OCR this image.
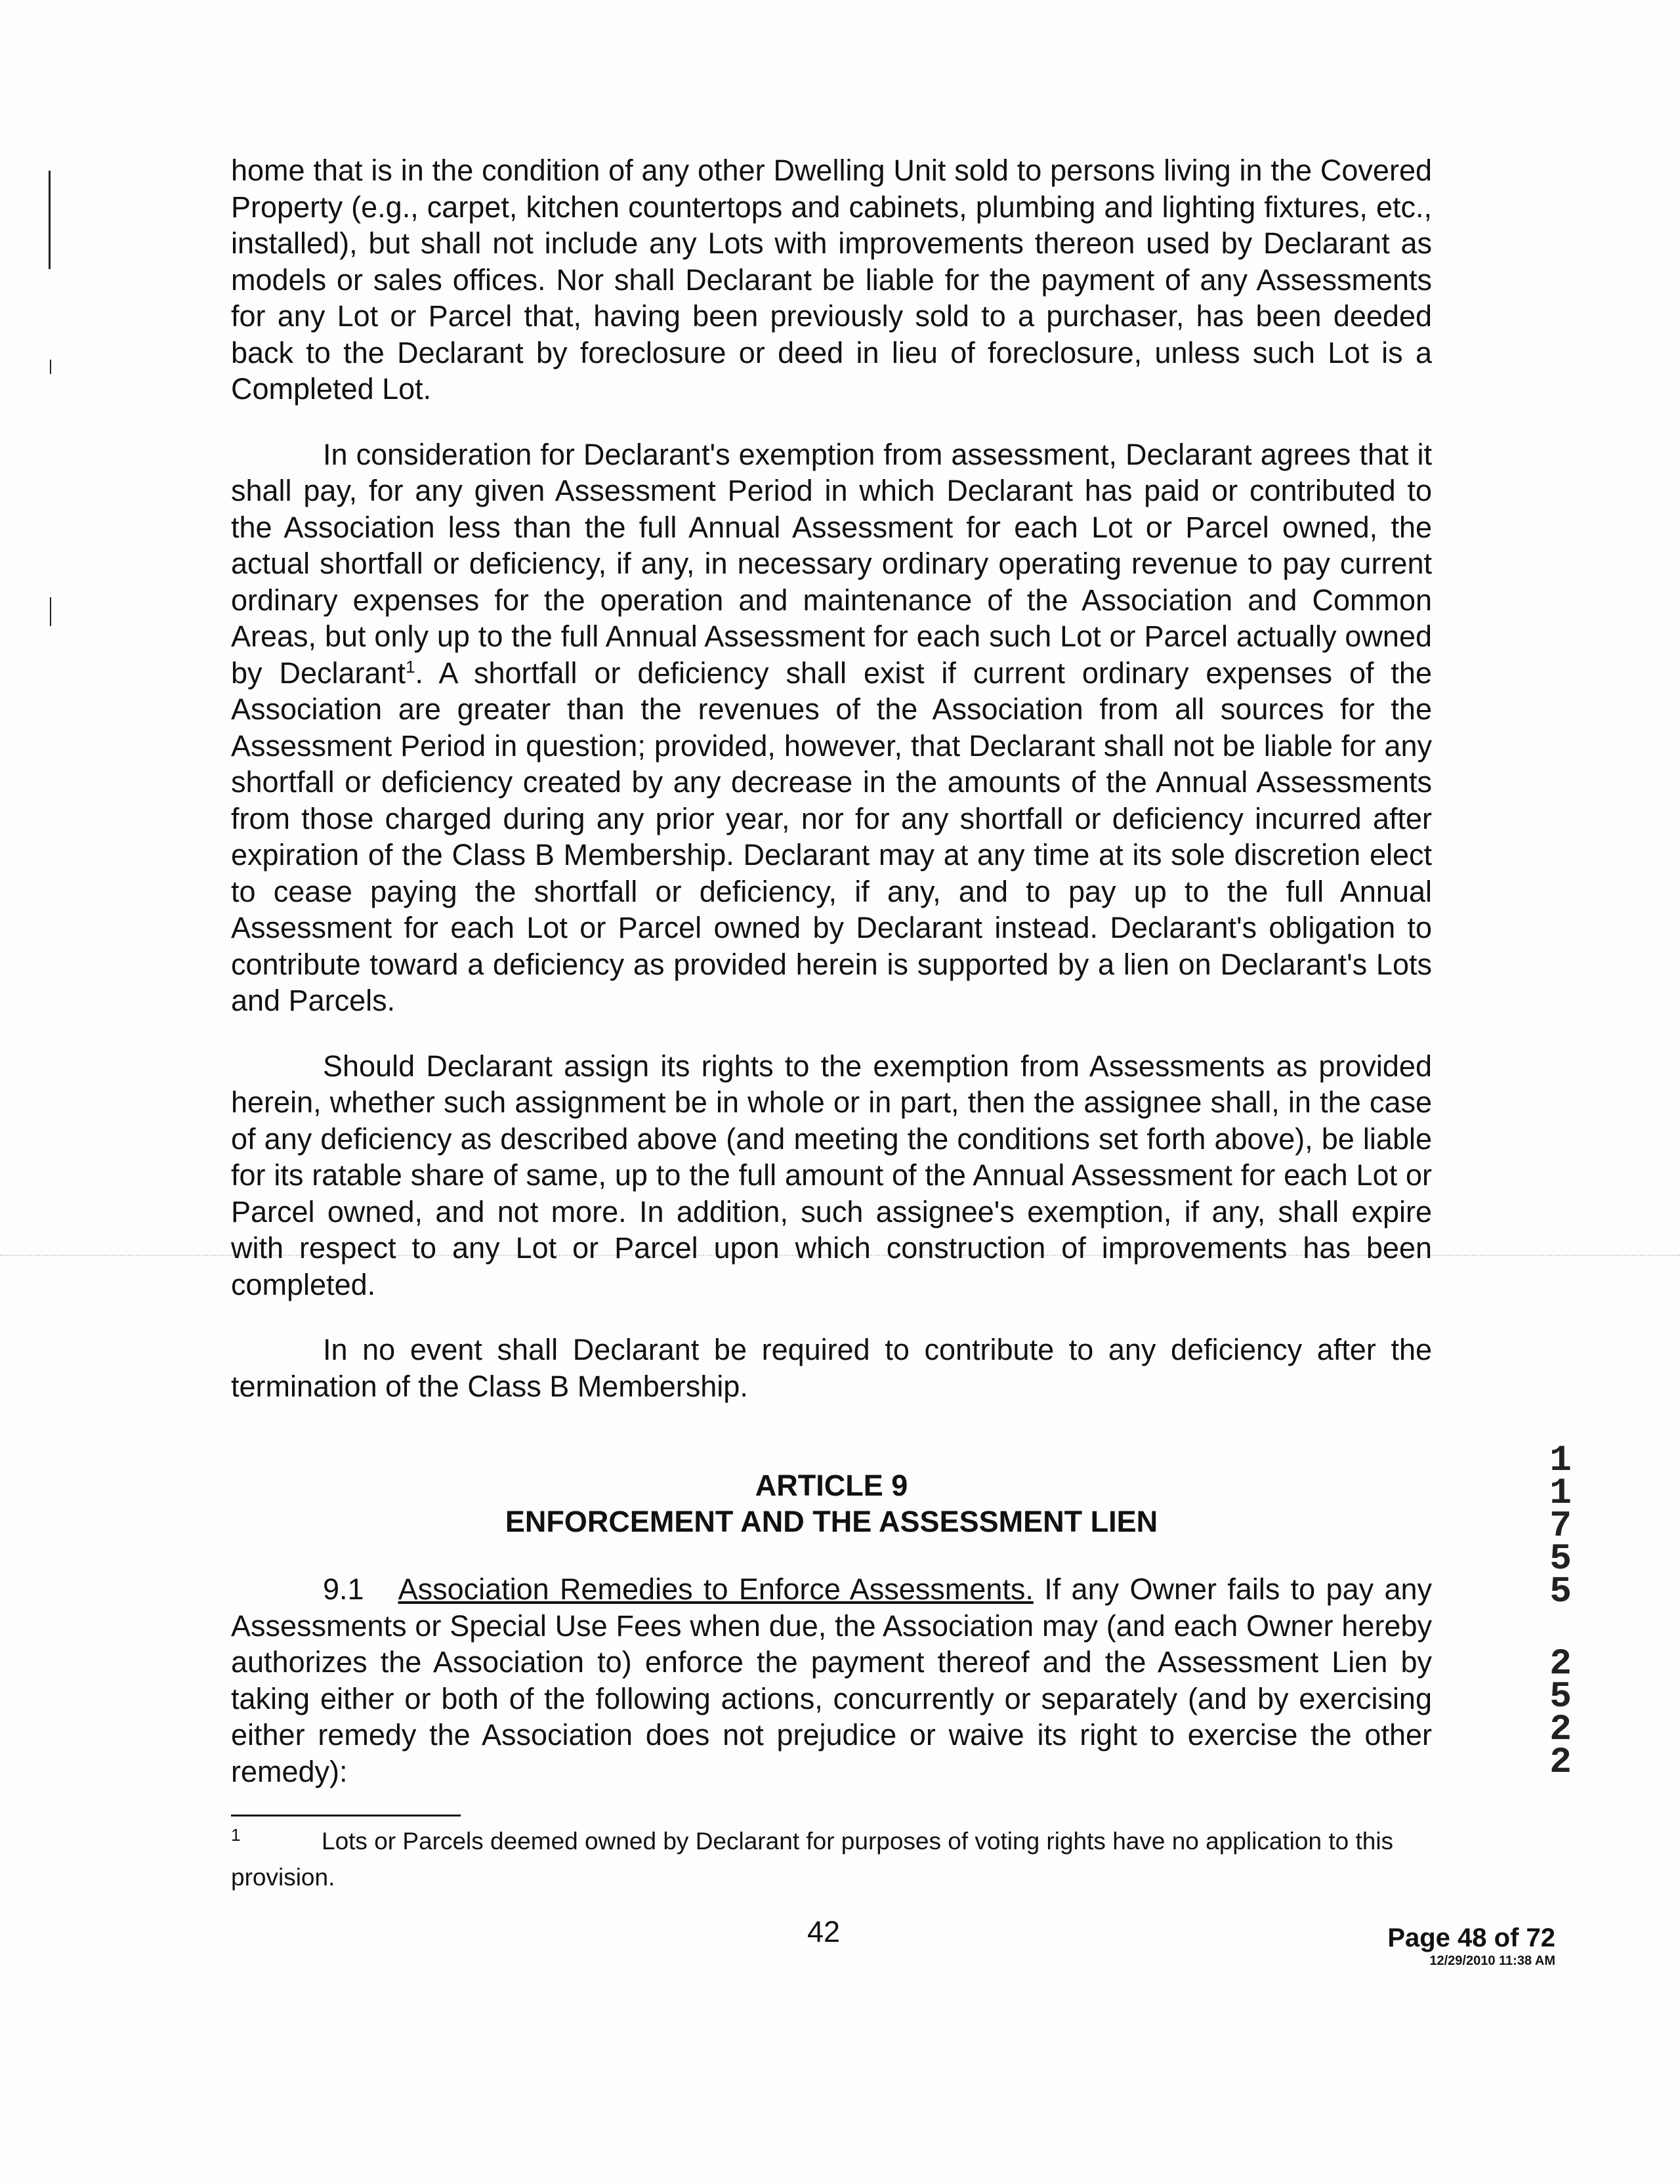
home that is in the condition of any other Dwelling Unit sold to persons living in the Covered Property (e.g., carpet, kitchen countertops and cabinets, plumbing and lighting fixtures, etc., installed), but shall not include any Lots with improvements thereon used by Declarant as models or sales offices. Nor shall Declarant be liable for the payment of any Assessments for any Lot or Parcel that, having been previously sold to a purchaser, has been deeded back to the Declarant by foreclosure or deed in lieu of foreclosure, unless such Lot is a Completed Lot.

In consideration for Declarant's exemption from assessment, Declarant agrees that it shall pay, for any given Assessment Period in which Declarant has paid or contributed to the Association less than the full Annual Assessment for each Lot or Parcel owned, the actual shortfall or deficiency, if any, in necessary ordinary operating revenue to pay current ordinary expenses for the operation and maintenance of the Association and Common Areas, but only up to the full Annual Assessment for each such Lot or Parcel actually owned by Declarant$^1$. A shortfall or deficiency shall exist if current ordinary expenses of the Association are greater than the revenues of the Association from all sources for the Assessment Period in question; provided, however, that Declarant shall not be liable for any shortfall or deficiency created by any decrease in the amounts of the Annual Assessments from those charged during any prior year, nor for any shortfall or deficiency incurred after expiration of the Class B Membership. Declarant may at any time at its sole discretion elect to cease paying the shortfall or deficiency, if any, and to pay up to the full Annual Assessment for each Lot or Parcel owned by Declarant instead. Declarant's obligation to contribute toward a deficiency as provided herein is supported by a lien on Declarant's Lots and Parcels.

Should Declarant assign its rights to the exemption from Assessments as provided herein, whether such assignment be in whole or in part, then the assignee shall, in the case of any deficiency as described above (and meeting the conditions set forth above), be liable for its ratable share of same, up to the full amount of the Annual Assessment for each Lot or Parcel owned, and not more. In addition, such assignee's exemption, if any, shall expire with respect to any Lot or Parcel upon which construction of improvements has been completed.

In no event shall Declarant be required to contribute to any deficiency after the termination of the Class B Membership.

ARTICLE 9
ENFORCEMENT AND THE ASSESSMENT LIEN

9.1 Association Remedies to Enforce Assessments. If any Owner fails to pay any Assessments or Special Use Fees when due, the Association may (and each Owner hereby authorizes the Association to) enforce the payment thereof and the Assessment Lien by taking either or both of the following actions, concurrently or separately (and by exercising either remedy the Association does not prejudice or waive its right to exercise the other remedy):

1	Lots or Parcels deemed owned by Declarant for purposes of voting rights have no application to this provision.
42	Page 48 of 72
12/29/2010 11:38 AM
1
1
7
5
5
2
5
2
2
